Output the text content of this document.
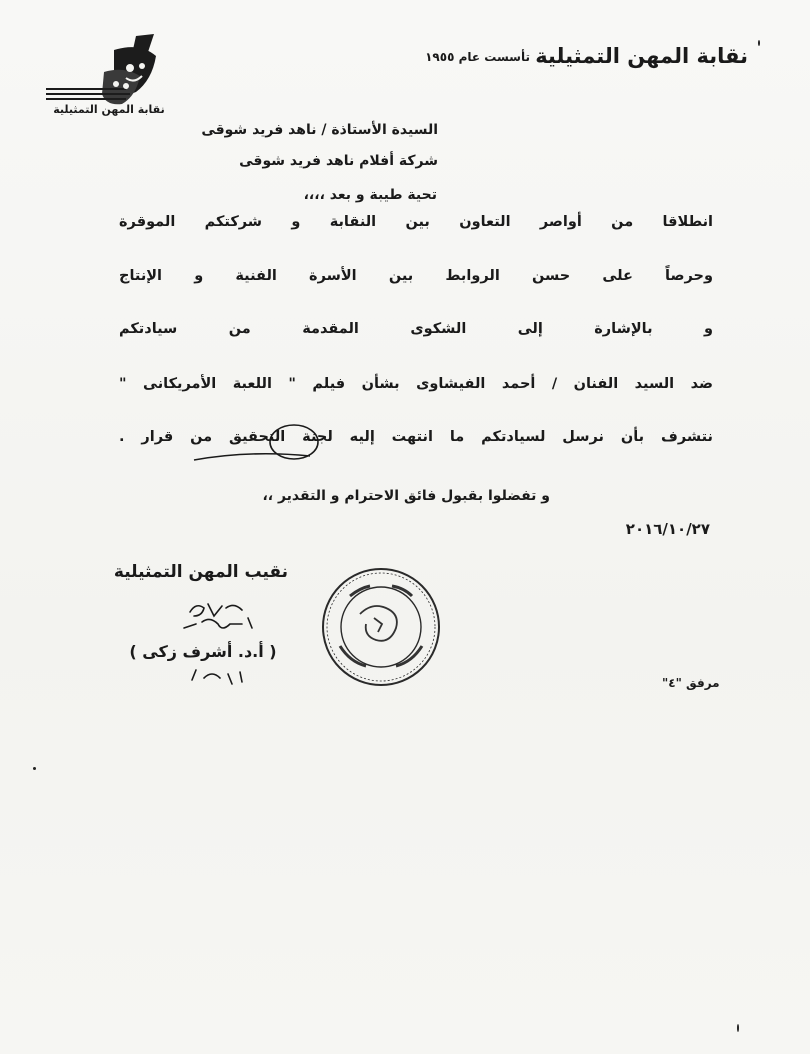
نقابة المهن التمثيلية
نقابة المهن التمثيلية
تأسست عام ١٩٥٥
السيدة الأستاذة / ناهد فريد شوقى
شركة أفلام ناهد فريد شوقى
تحية طيبة و بعد ،،،،
انطلاقا من أواصر التعاون بين النقابة و شركتكم الموقرة
وحرصاً على حسن الروابط بين الأسرة الفنية و الإنتاج
و بالإشارة إلى الشكوى المقدمة من سيادتكم
ضد السيد الفنان / أحمد الفيشاوى بشأن فيلم " اللعبة الأمريكانى "
نتشرف بأن نرسل لسيادتكم ما انتهت إليه لجنة التحقيق من قرار .
و تفضلوا بقبول فائق الاحترام و التقدير ،،
٢٠١٦/١٠/٢٧
نقيب المهن التمثيلية
( أ.د. أشرف زكى )
مرفق "٤"
